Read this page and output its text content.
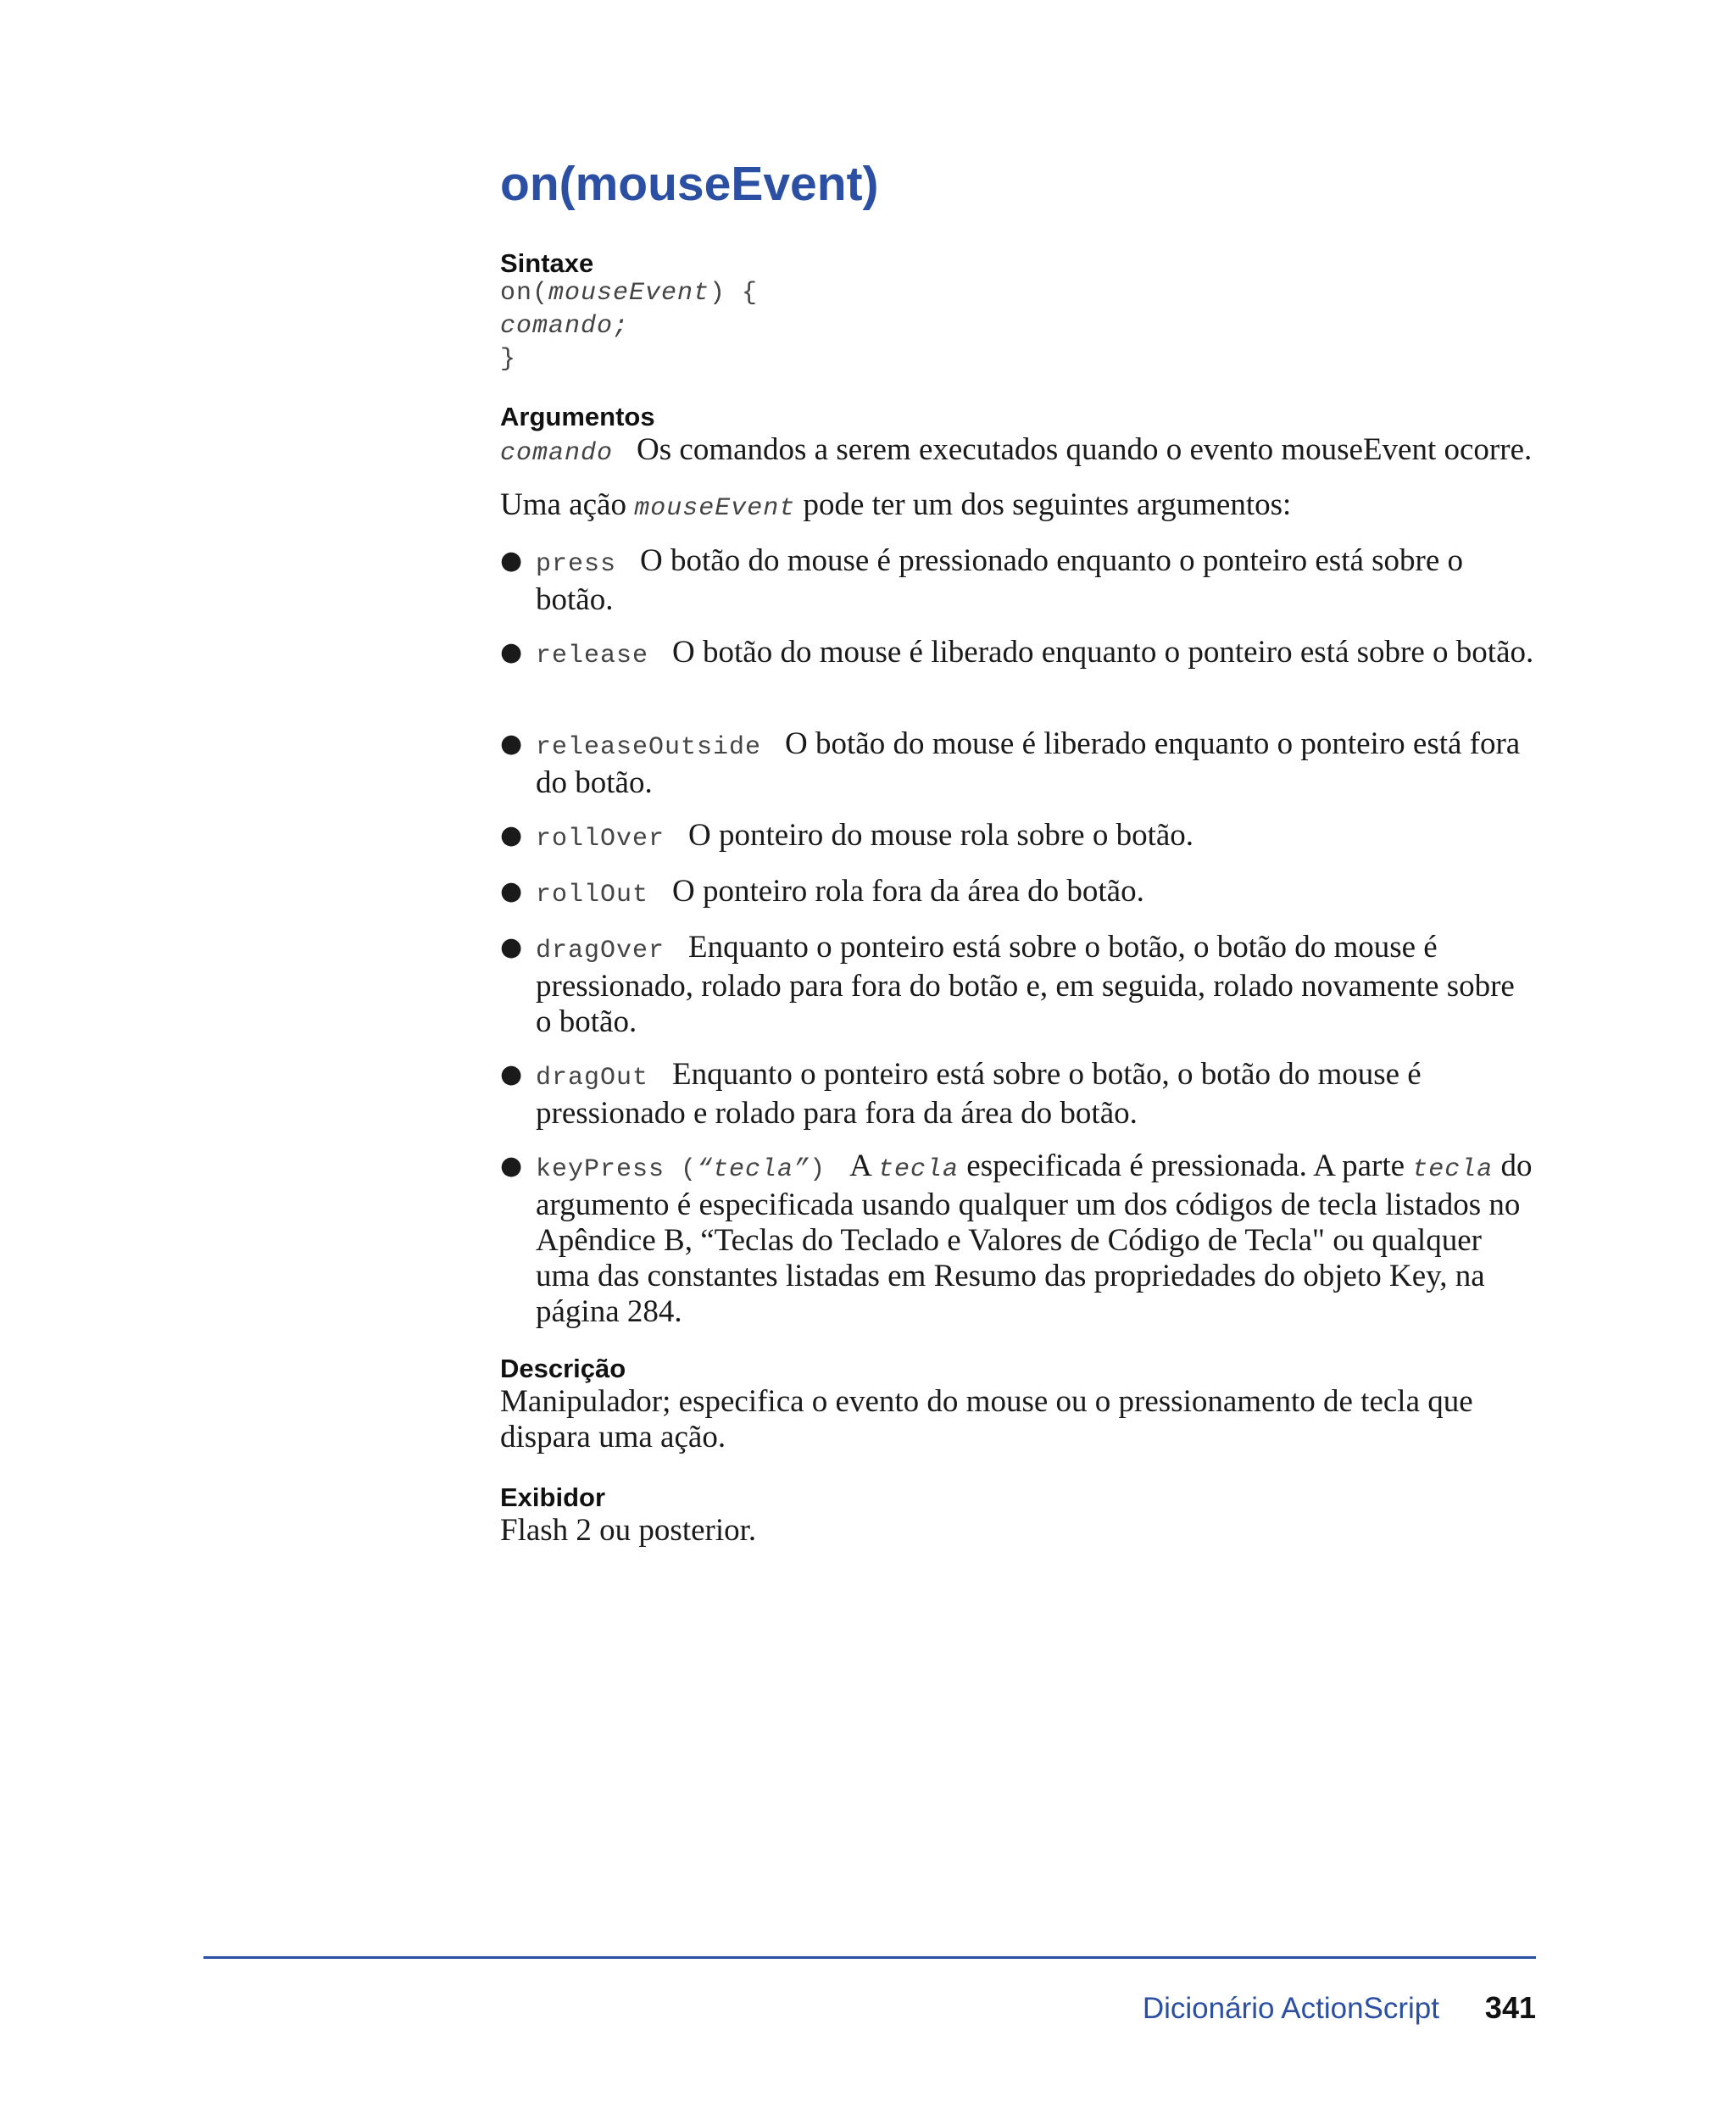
on(mouseEvent)
Sintaxe
on(mouseEvent) {
comando;
}
Argumentos

comando Os comandos a serem executados quando o evento mouseEvent ocorre.

Uma ação mouseEvent pode ter um dos seguintes argumentos:

● press O botão do mouse é pressionado enquanto o ponteiro está sobre o botão.
● release O botão do mouse é liberado enquanto o ponteiro está sobre o botão.
● releaseOutside O botão do mouse é liberado enquanto o ponteiro está fora do botão.
● rollOver O ponteiro do mouse rola sobre o botão.
● rollOut O ponteiro rola fora da área do botão.
● dragOver Enquanto o ponteiro está sobre o botão, o botão do mouse é pressionado, rolado para fora do botão e, em seguida, rolado novamente sobre o botão.
● dragOut Enquanto o ponteiro está sobre o botão, o botão do mouse é pressionado e rolado para fora da área do botão.
● keyPress (“tecla”) A tecla especificada é pressionada. A parte tecla do argumento é especificada usando qualquer um dos códigos de tecla listados no Apêndice B, “Teclas do Teclado e Valores de Código de Tecla" ou qualquer uma das constantes listadas em Resumo das propriedades do objeto Key, na página 284.
Descrição

Manipulador; especifica o evento do mouse ou o pressionamento de tecla que dispara uma ação.

Exibidor

Flash 2 ou posterior.

Dicionário ActionScript 341
